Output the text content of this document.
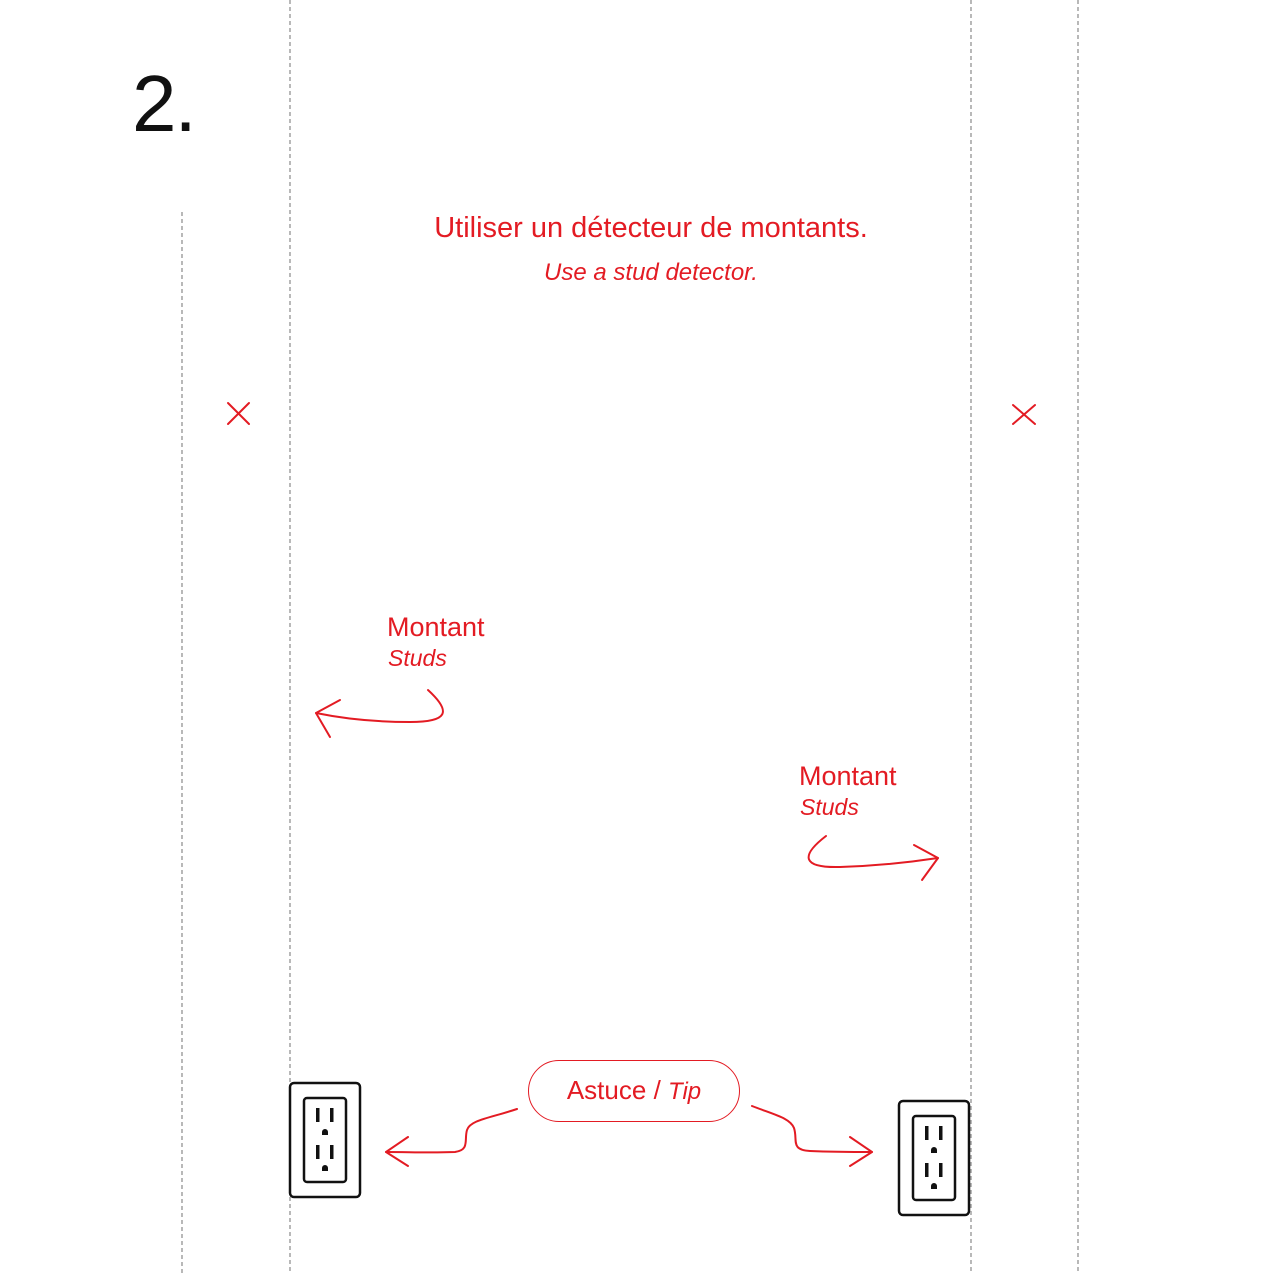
2.
Utiliser un détecteur de montants.
Use a stud detector.
Montant
Studs
Montant
Studs
Astuce / Tip
